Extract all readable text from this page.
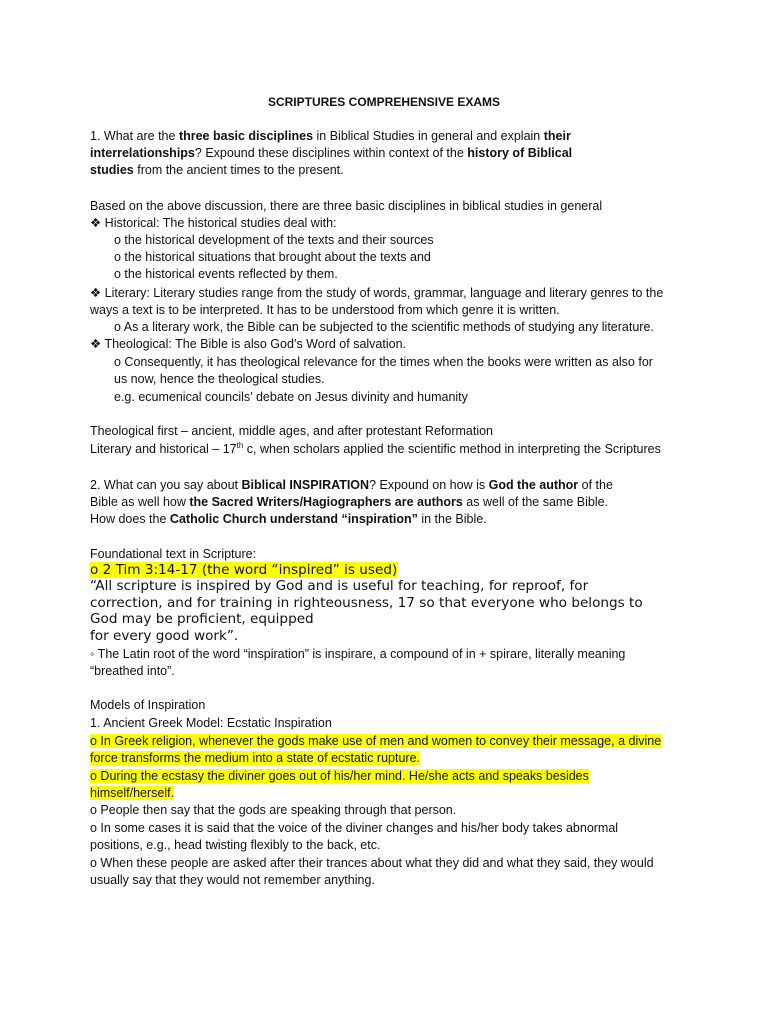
SCRIPTURES COMPREHENSIVE EXAMS
1. What are the three basic disciplines in Biblical Studies in general and explain their
interrelationships? Expound these disciplines within context of the history of Biblical
studies from the ancient times to the present.
Based on the above discussion, there are three basic disciplines in biblical studies in general
❖ Historical: The historical studies deal with:
o the historical development of the texts and their sources
o the historical situations that brought about the texts and
o the historical events reflected by them.
❖ Literary: Literary studies range from the study of words, grammar, language and literary genres to the
ways a text is to be interpreted. It has to be understood from which genre it is written.
o As a literary work, the Bible can be subjected to the scientific methods of studying any literature.
❖ Theological: The Bible is also God’s Word of salvation.
o Consequently, it has theological relevance for the times when the books were written as also for
us now, hence the theological studies.
e.g. ecumenical councils’ debate on Jesus divinity and humanity
Theological first – ancient, middle ages, and after protestant Reformation
Literary and historical – 17th c, when scholars applied the scientific method in interpreting the Scriptures
2. What can you say about Biblical INSPIRATION? Expound on how is God the author of the
Bible as well how the Sacred Writers/Hagiographers are authors as well of the same Bible.
How does the Catholic Church understand “inspiration” in the Bible.
Foundational text in Scripture:
o 2 Tim 3:14-17 (the word “inspired” is used)
“All scripture is inspired by God and is useful for teaching, for reproof, for
correction, and for training in righteousness, 17 so that everyone who belongs to
God may be proficient, equipped
for every good work”.
◦ The Latin root of the word “inspiration” is inspirare, a compound of in + spirare, literally meaning
“breathed into”.
Models of Inspiration
1. Ancient Greek Model: Ecstatic Inspiration
o In Greek religion, whenever the gods make use of men and women to convey their message, a divine
force transforms the medium into a state of ecstatic rupture.
o During the ecstasy the diviner goes out of his/her mind. He/she acts and speaks besides
himself/herself.
o People then say that the gods are speaking through that person.
o In some cases it is said that the voice of the diviner changes and his/her body takes abnormal
positions, e.g., head twisting flexibly to the back, etc.
o When these people are asked after their trances about what they did and what they said, they would
usually say that they would not remember anything.
